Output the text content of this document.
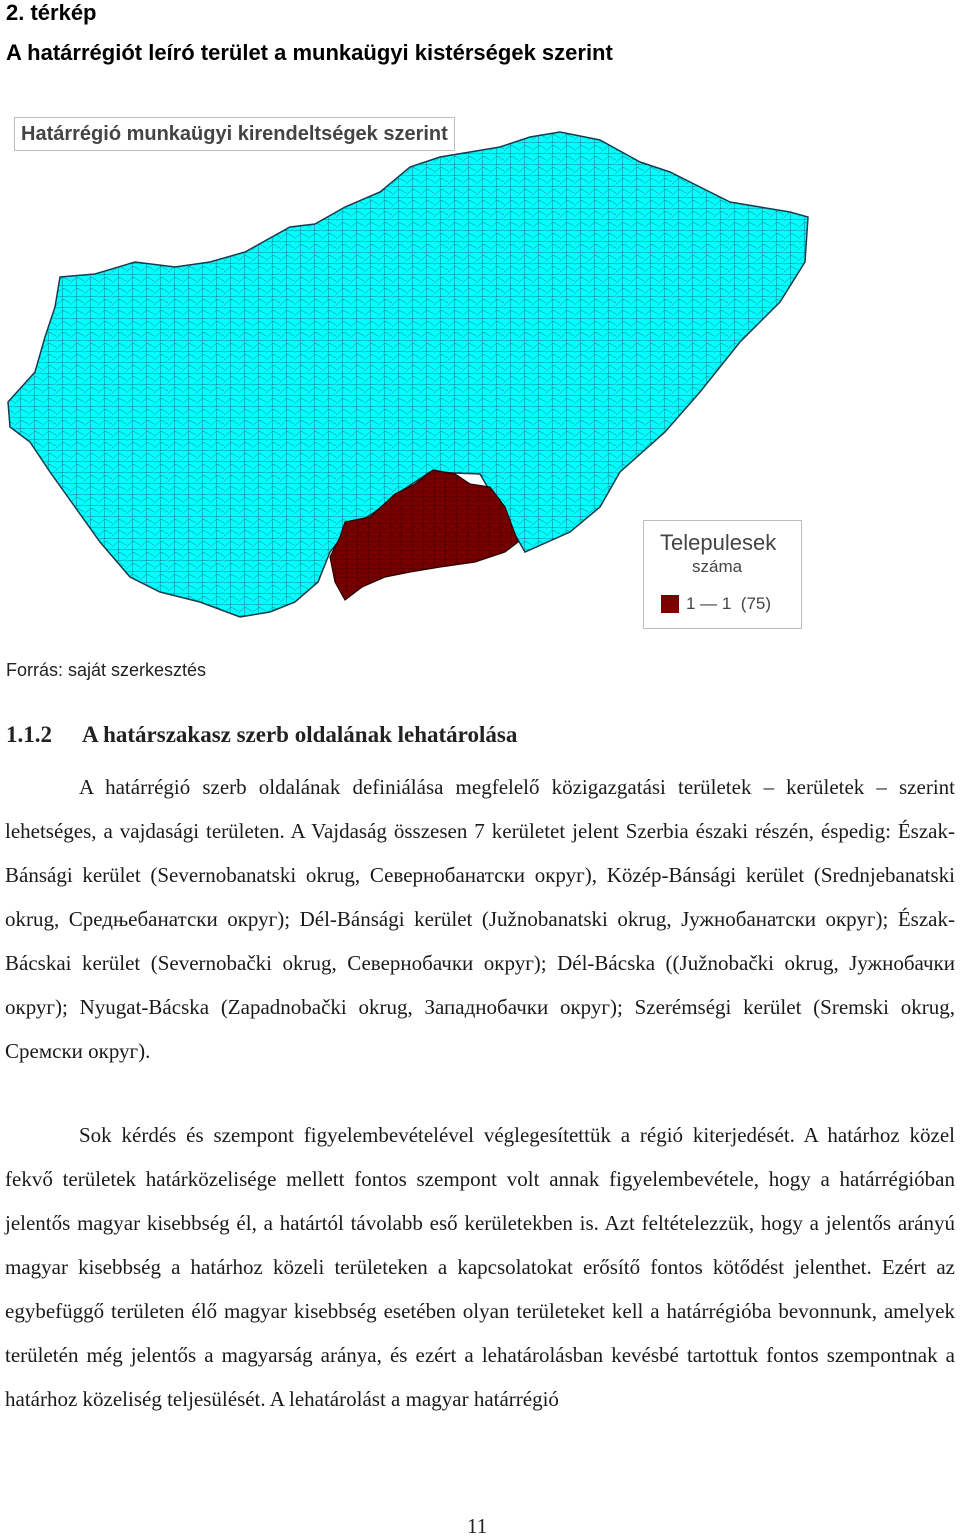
2. térkép
A határrégiót leíró terület a munkaügyi kistérségek szerint
Határrégió munkaügyi kirendeltségek szerint
Telepulesek
száma
1 — 1  (75)
Forrás: saját szerkesztés
1.1.2 A határszakasz szerb oldalának lehatárolása
A határrégió szerb oldalának definiálása megfelelő közigazgatási területek – kerületek – szerint lehetséges, a vajdasági területen. A Vajdaság összesen 7 kerületet jelent Szerbia északi részén, éspedig: Észak-Bánsági kerület (Severnobanatski okrug, Севернобанатски округ), Közép-Bánsági kerület (Srednjebanatski okrug, Средњебанатски округ); Dél-Bánsági kerület (Južnobanatski okrug, Јужнобанатски округ); Észak-Bácskai kerület (Severnobački okrug, Севернобачки округ); Dél-Bácska ((Južnobački okrug, Јужнобачки округ); Nyugat-Bácska (Zapadnobački okrug, Западнобачки округ); Szerémségi kerület (Sremski okrug, Сремски округ).
Sok kérdés és szempont figyelembevételével véglegesítettük a régió kiterjedését. A határhoz közel fekvő területek határközelisége mellett fontos szempont volt annak figyelembevétele, hogy a határrégióban jelentős magyar kisebbség él, a határtól távolabb eső kerületekben is. Azt feltételezzük, hogy a jelentős arányú magyar kisebbség a határhoz közeli területeken a kapcsolatokat erősítő fontos kötődést jelenthet. Ezért az egybefüggő területen élő magyar kisebbség esetében olyan területeket kell a határrégióba bevonnunk, amelyek területén még jelentős a magyarság aránya, és ezért a lehatárolásban kevésbé tartottuk fontos szempontnak a határhoz közeliség teljesülését. A lehatárolást a magyar határrégió
11
